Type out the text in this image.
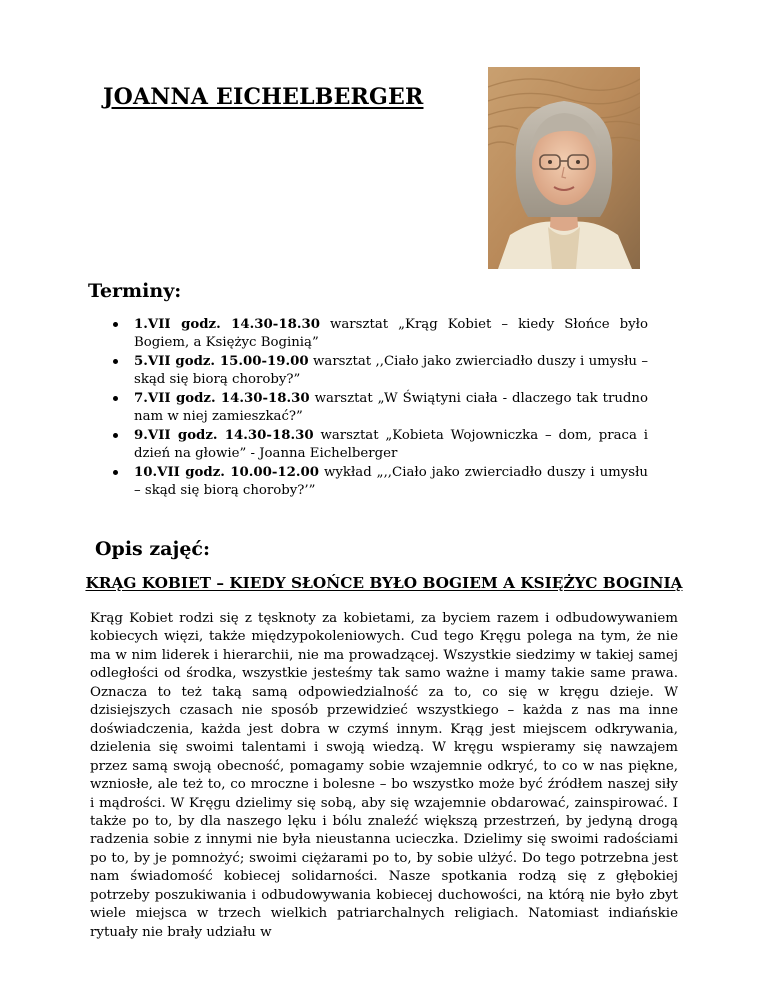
JOANNA EICHELBERGER
Terminy:
1.VII godz. 14.30-18.30 warsztat „Krąg Kobiet – kiedy Słońce było Bogiem, a Księżyc Boginią”
5.VII godz. 15.00-19.00 warsztat ,,Ciało jako zwierciadło duszy i umysłu – skąd się biorą choroby?”
7.VII godz. 14.30-18.30 warsztat „W Świątyni ciała - dlaczego tak trudno nam w niej zamieszkać?”
9.VII godz. 14.30-18.30 warsztat „Kobieta Wojowniczka – dom, praca i dzień na głowie” - Joanna Eichelberger
10.VII godz. 10.00-12.00 wykład „,,Ciało jako zwierciadło duszy i umysłu – skąd się biorą choroby?’”
Opis zajęć:
KRĄG KOBIET – KIEDY SŁOŃCE BYŁO BOGIEM A KSIĘŻYC BOGINIĄ

Krąg Kobiet rodzi się z tęsknoty za kobietami, za byciem razem i odbudowywaniem kobiecych więzi, także międzypokoleniowych. Cud tego Kręgu polega na tym, że nie ma w nim liderek i hierarchii, nie ma prowadzącej. Wszystkie siedzimy w takiej samej odległości od środka, wszystkie jesteśmy tak samo ważne i mamy takie same prawa. Oznacza to też taką samą odpowiedzialność za to, co się w kręgu dzieje. W dzisiejszych czasach nie sposób przewidzieć wszystkiego – każda z nas ma inne doświadczenia, każda jest dobra w czymś innym. Krąg jest miejscem odkrywania, dzielenia się swoimi talentami i swoją wiedzą. W kręgu wspieramy się nawzajem przez samą swoją obecność, pomagamy sobie wzajemnie odkryć, to co w nas piękne, wzniosłe, ale też to, co mroczne i bolesne – bo wszystko może być źródłem naszej siły i mądrości. W Kręgu dzielimy się sobą, aby się wzajemnie obdarować, zainspirować. I także po to, by dla naszego lęku i bólu znaleźć większą przestrzeń, by jedyną drogą radzenia sobie z innymi nie była nieustanna ucieczka. Dzielimy się swoimi radościami po to, by je pomnożyć; swoimi ciężarami po to, by sobie ulżyć. Do tego potrzebna jest nam świadomość kobiecej solidarności. Nasze spotkania rodzą się z głębokiej potrzeby poszukiwania i odbudowywania kobiecej duchowości, na którą nie było zbyt wiele miejsca w trzech wielkich patriarchalnych religiach. Natomiast indiańskie rytuały nie brały udziału w
